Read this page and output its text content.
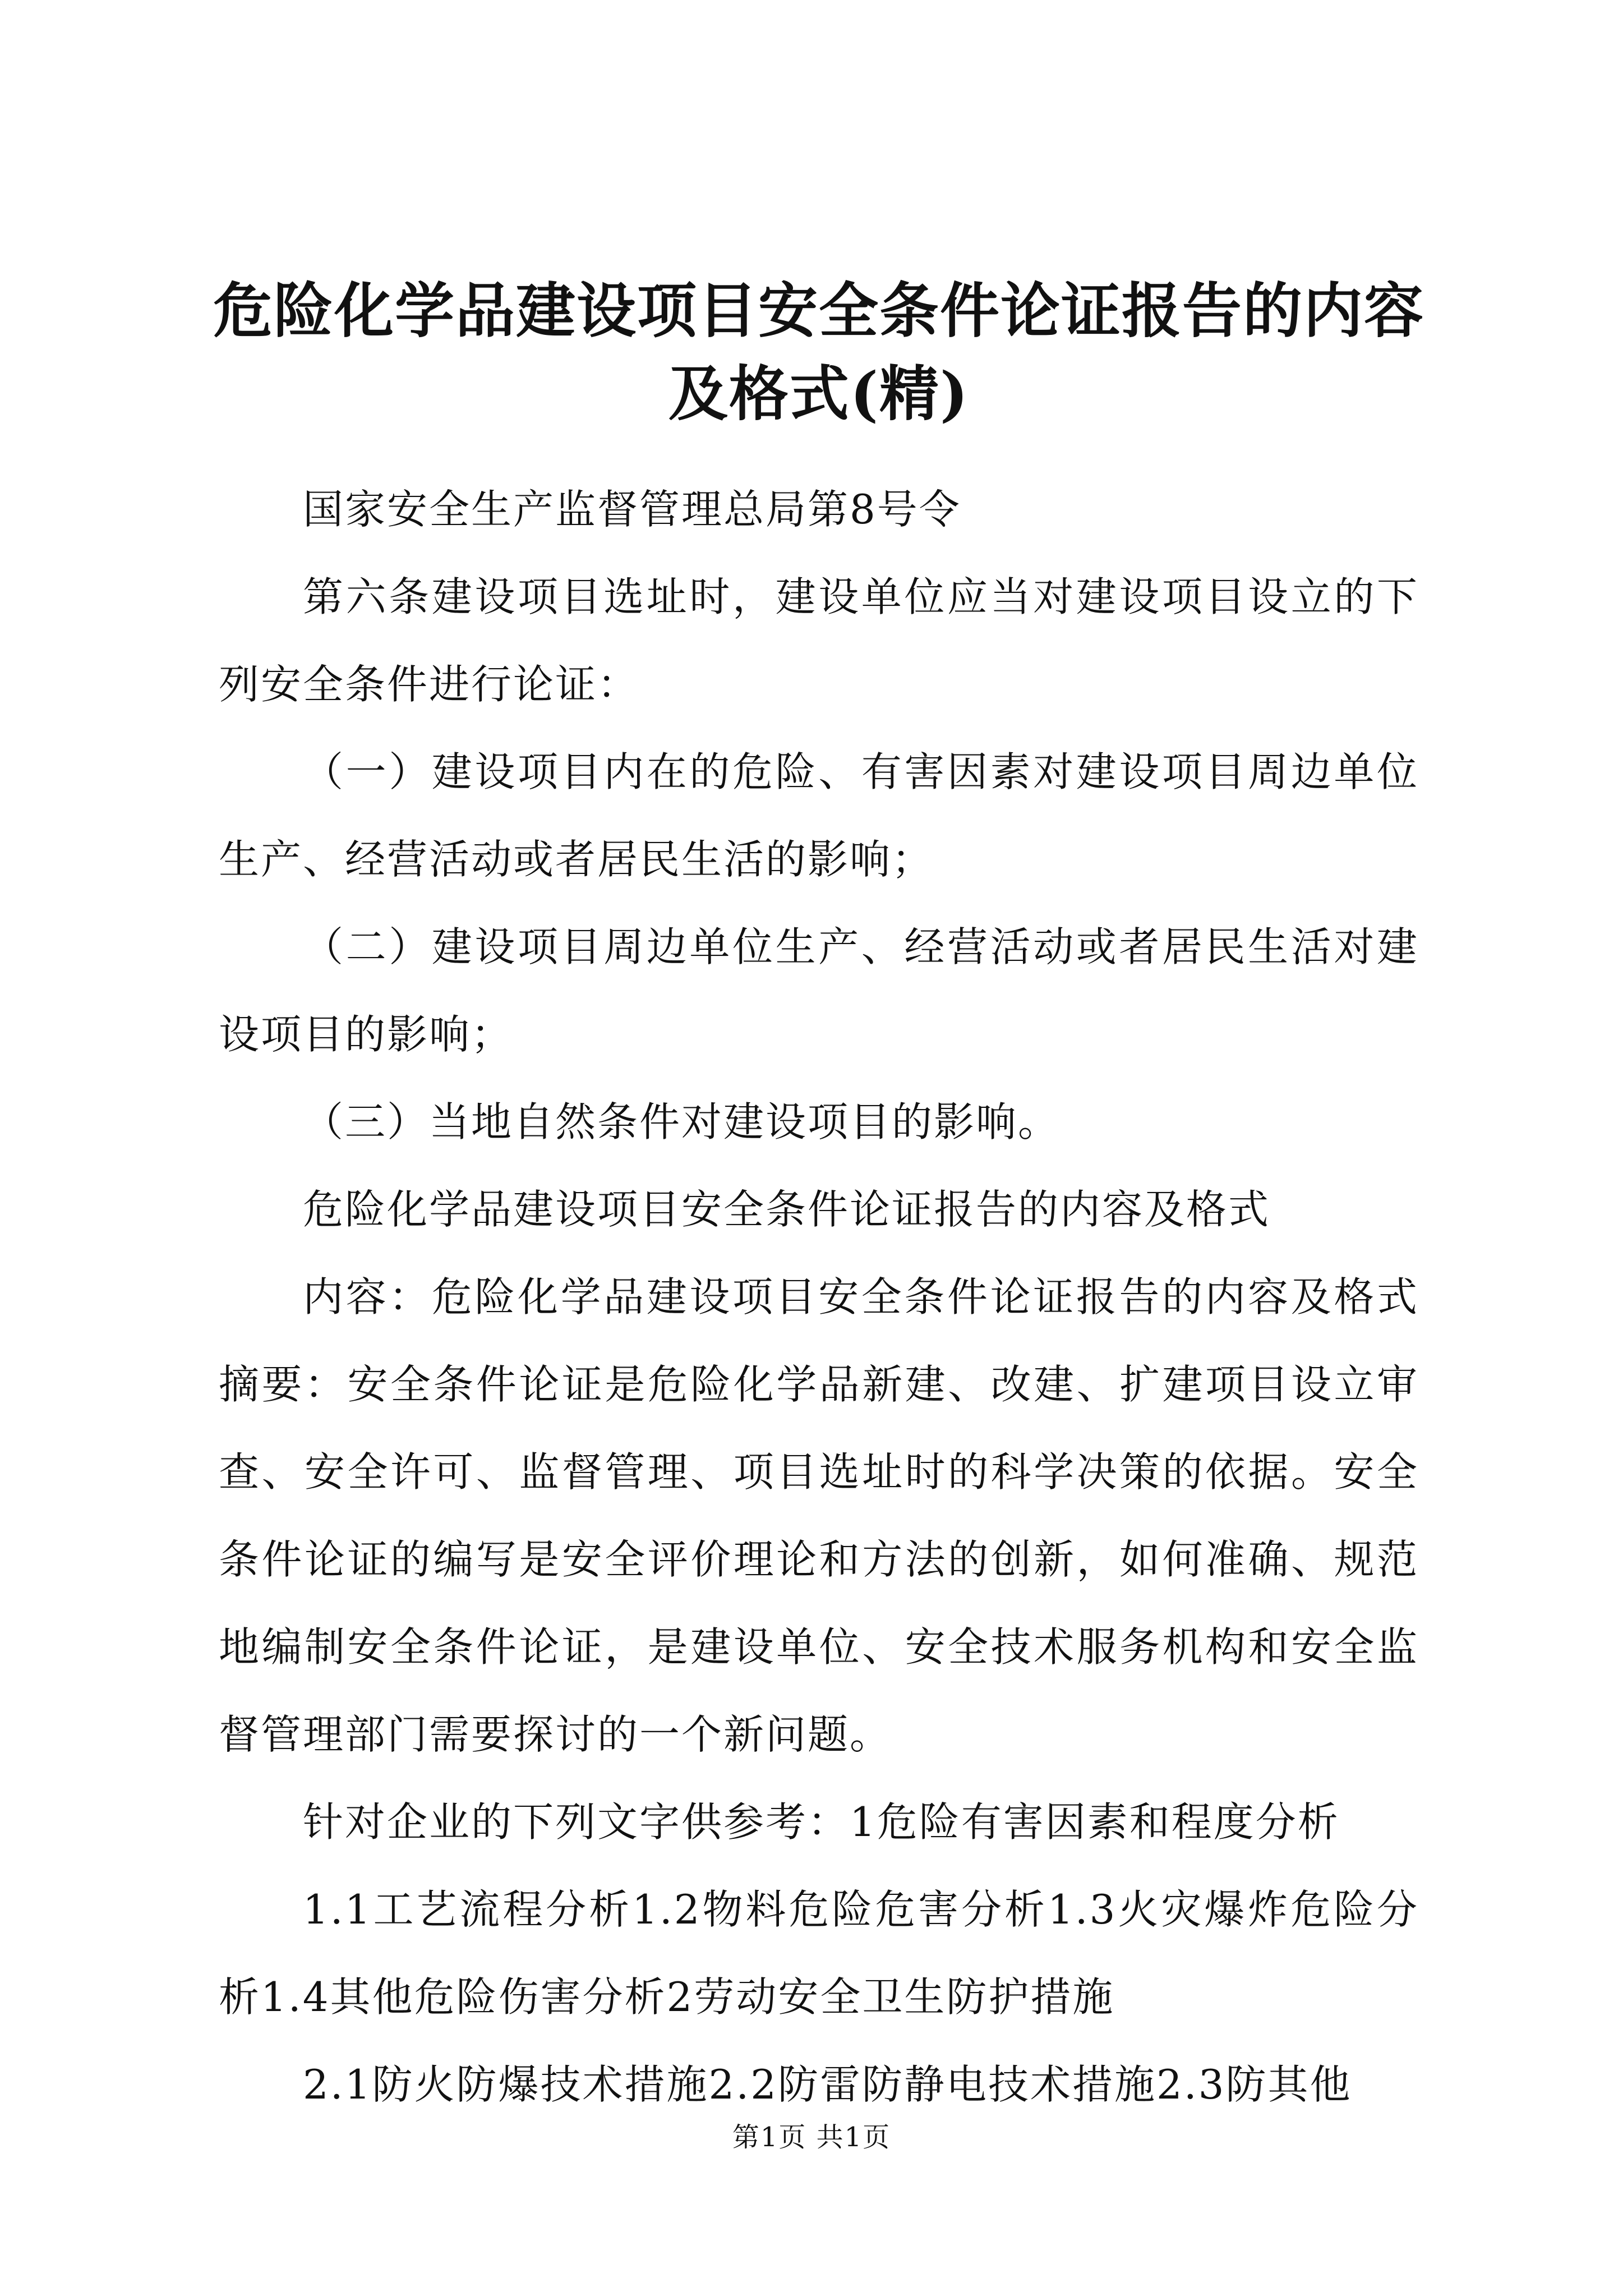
危险化学品建设项目安全条件论证报告的内容及格式(精)

国家安全生产监督管理总局第8号令

第六条建设项目选址时，建设单位应当对建设项目设立的下列安全条件进行论证：

（一）建设项目内在的危险、有害因素对建设项目周边单位生产、经营活动或者居民生活的影响；

（二）建设项目周边单位生产、经营活动或者居民生活对建设项目的影响；

（三）当地自然条件对建设项目的影响。

危险化学品建设项目安全条件论证报告的内容及格式

内容：危险化学品建设项目安全条件论证报告的内容及格式摘要：安全条件论证是危险化学品新建、改建、扩建项目设立审查、安全许可、监督管理、项目选址时的科学决策的依据。安全条件论证的编写是安全评价理论和方法的创新，如何准确、规范地编制安全条件论证，是建设单位、安全技术服务机构和安全监督管理部门需要探讨的一个新问题。

针对企业的下列文字供参考：1危险有害因素和程度分析

1.1工艺流程分析1.2物料危险危害分析1.3火灾爆炸危险分析1.4其他危险伤害分析2劳动安全卫生防护措施

2.1防火防爆技术措施2.2防雷防静电技术措施2.3防其他

第1页 共1页
